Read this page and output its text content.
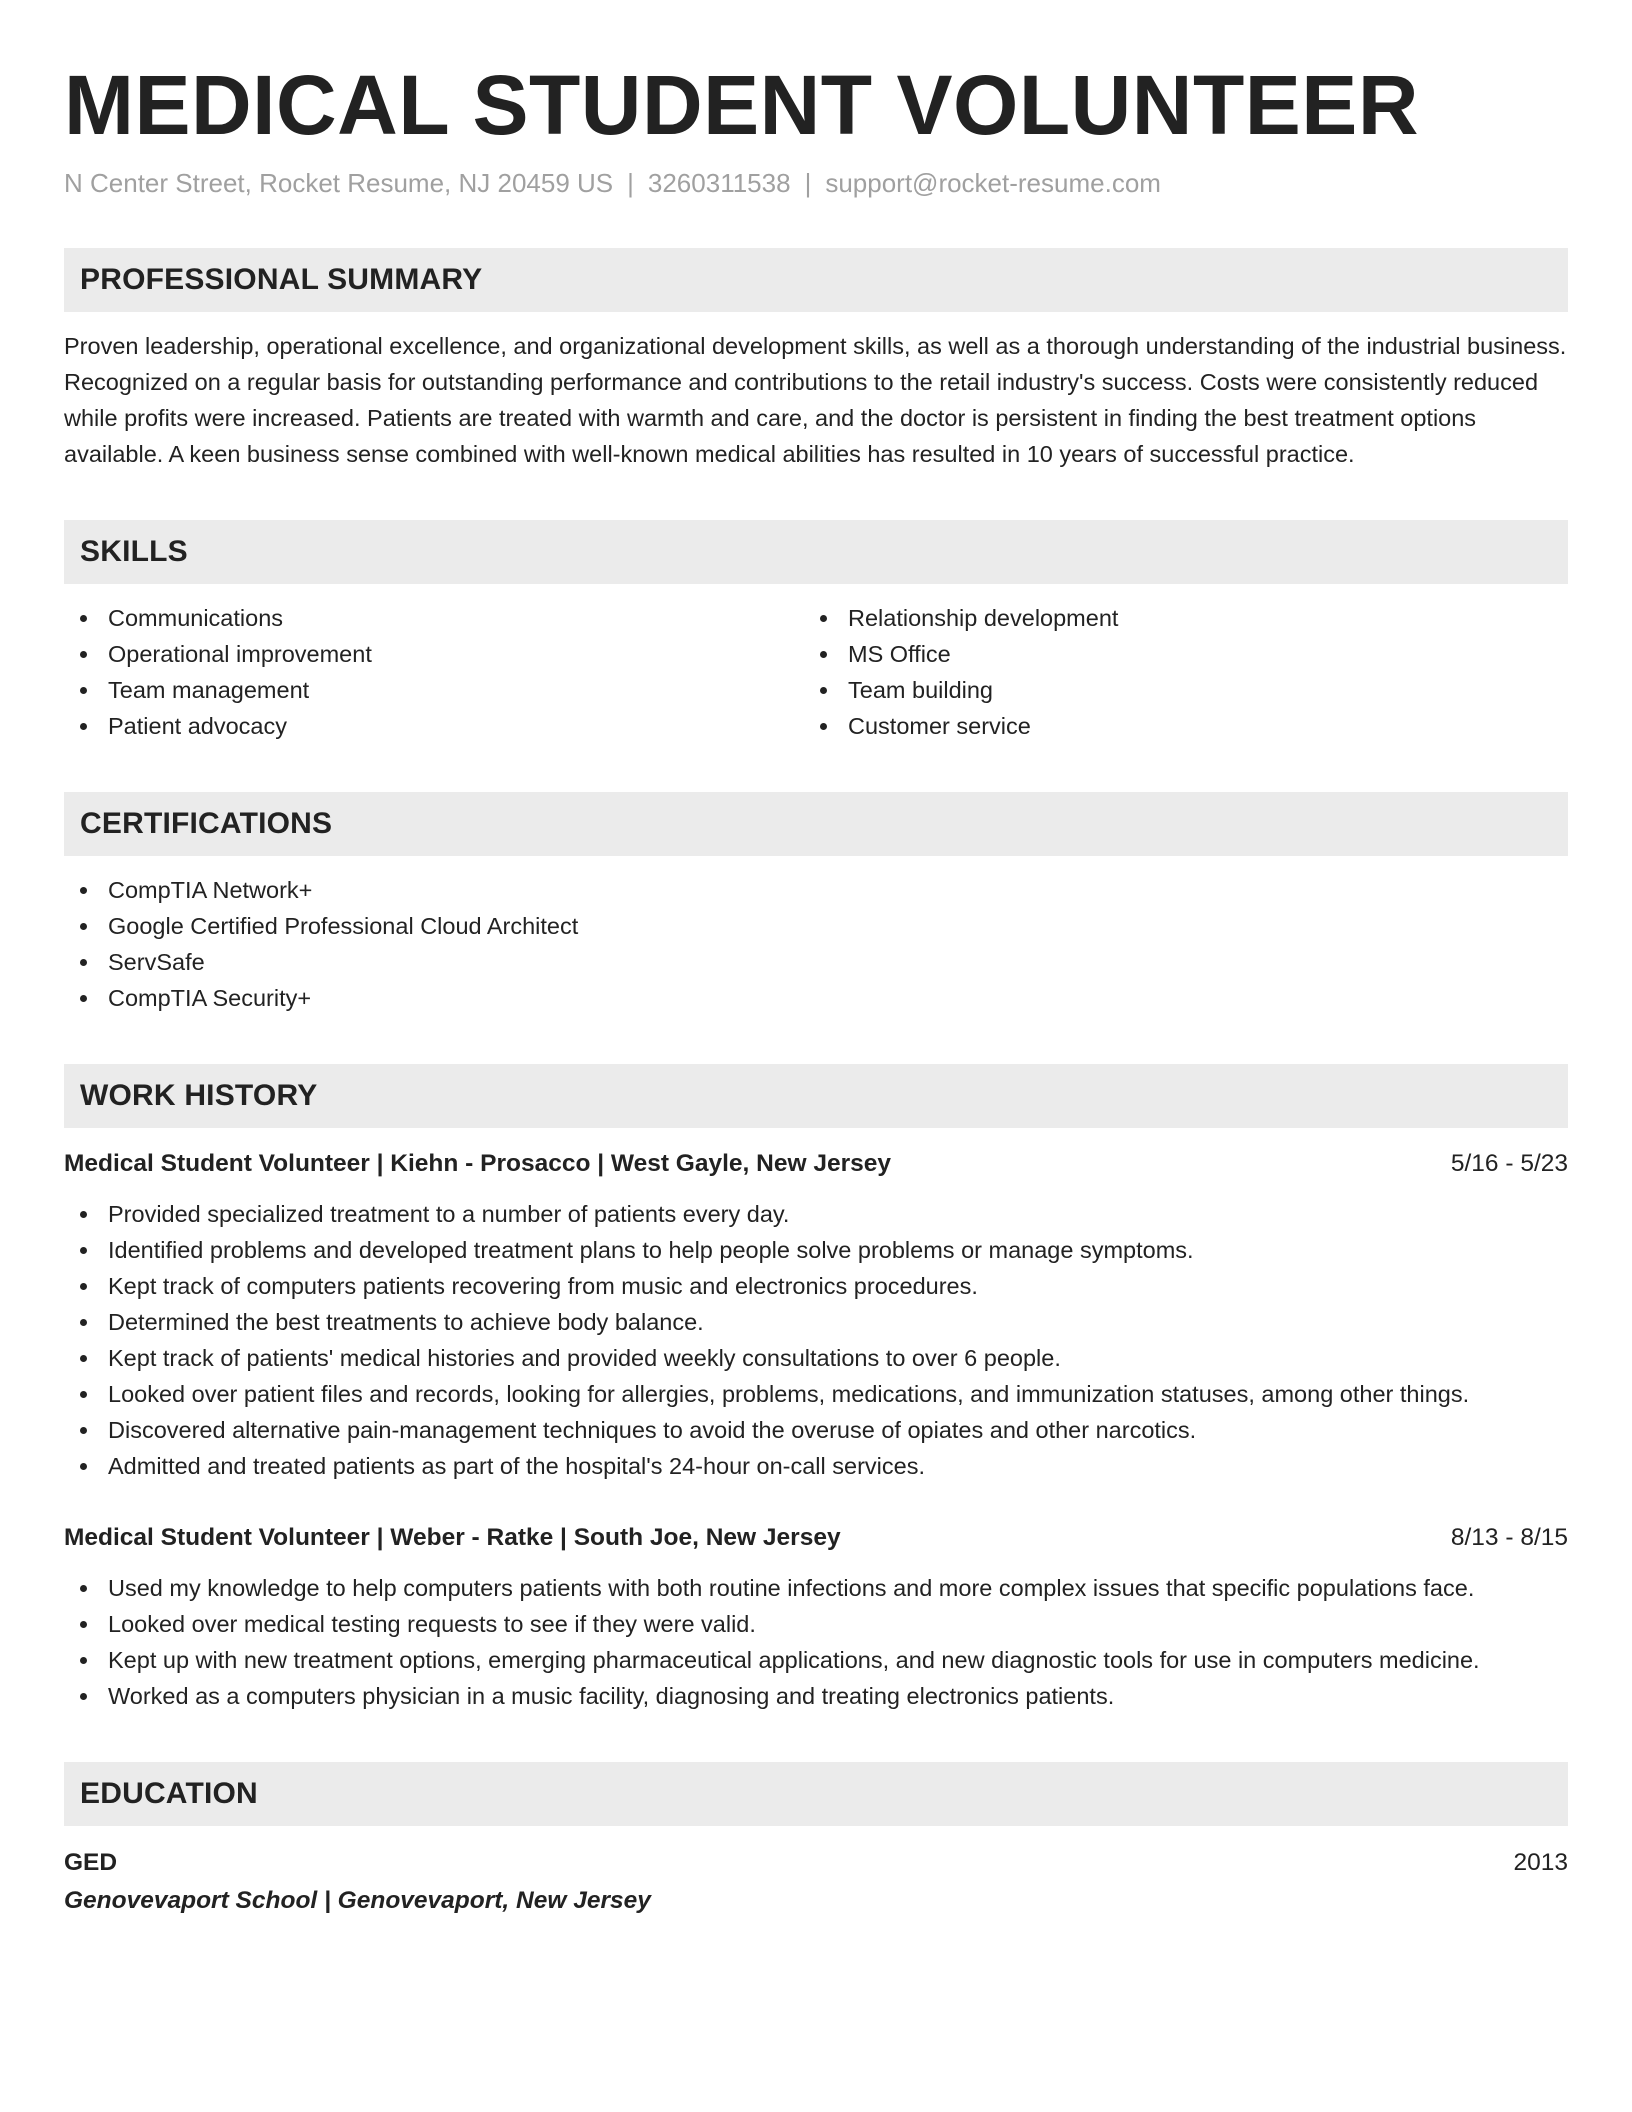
MEDICAL STUDENT VOLUNTEER
N Center Street, Rocket Resume, NJ 20459 US | 3260311538 | support@rocket-resume.com
PROFESSIONAL SUMMARY

Proven leadership, operational excellence, and organizational development skills, as well as a thorough understanding of the industrial business. Recognized on a regular basis for outstanding performance and contributions to the retail industry's success. Costs were consistently reduced while profits were increased. Patients are treated with warmth and care, and the doctor is persistent in finding the best treatment options available. A keen business sense combined with well-known medical abilities has resulted in 10 years of successful practice.

SKILLS
Communications
Operational improvement
Team management
Patient advocacy
Relationship development
MS Office
Team building
Customer service
CERTIFICATIONS
CompTIA Network+
Google Certified Professional Cloud Architect
ServSafe
CompTIA Security+
WORK HISTORY
Medical Student Volunteer | Kiehn - Prosacco | West Gayle, New Jersey	5/16 - 5/23
Provided specialized treatment to a number of patients every day.
Identified problems and developed treatment plans to help people solve problems or manage symptoms.
Kept track of computers patients recovering from music and electronics procedures.
Determined the best treatments to achieve body balance.
Kept track of patients' medical histories and provided weekly consultations to over 6 people.
Looked over patient files and records, looking for allergies, problems, medications, and immunization statuses, among other things.
Discovered alternative pain-management techniques to avoid the overuse of opiates and other narcotics.
Admitted and treated patients as part of the hospital's 24-hour on-call services.
Medical Student Volunteer | Weber - Ratke | South Joe, New Jersey	8/13 - 8/15
Used my knowledge to help computers patients with both routine infections and more complex issues that specific populations face.
Looked over medical testing requests to see if they were valid.
Kept up with new treatment options, emerging pharmaceutical applications, and new diagnostic tools for use in computers medicine.
Worked as a computers physician in a music facility, diagnosing and treating electronics patients.
EDUCATION
GED	2013
Genovevaport School | Genovevaport, New Jersey
